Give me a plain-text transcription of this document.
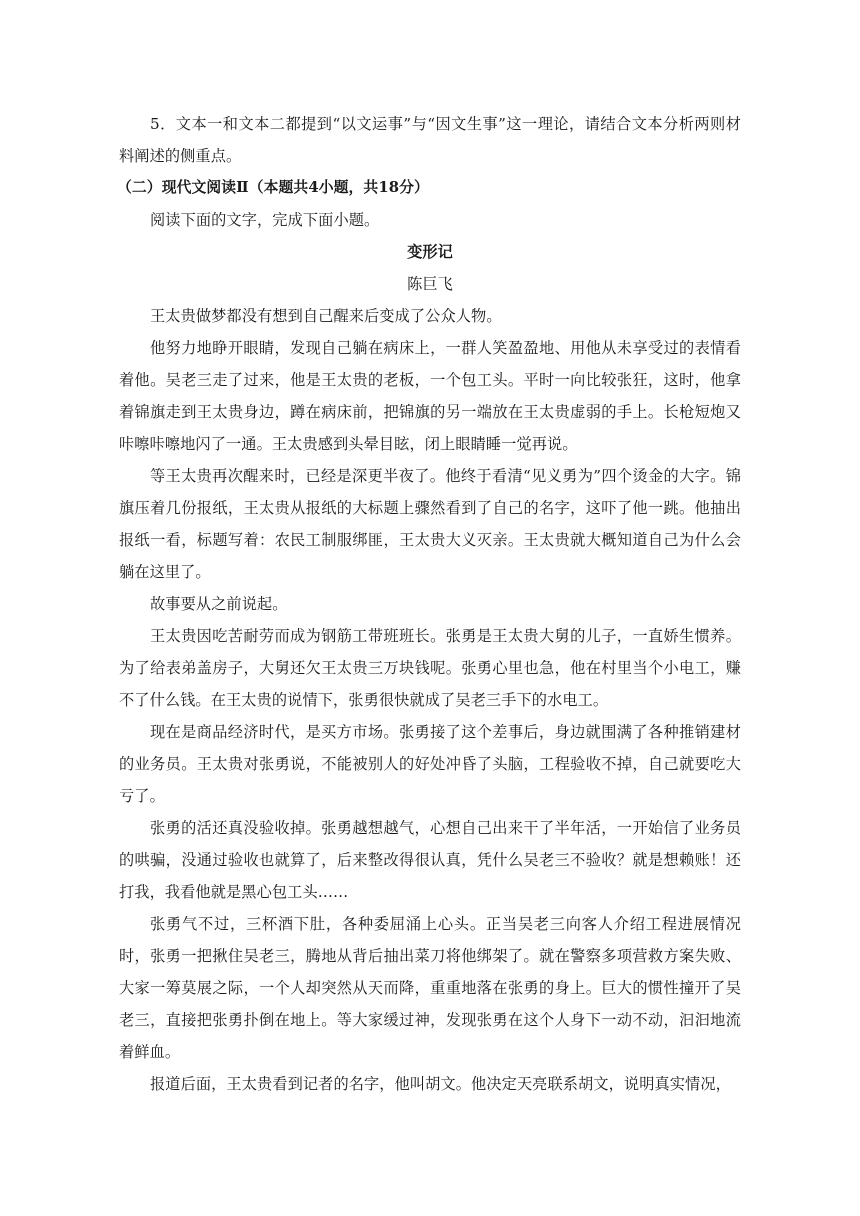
5．文本一和文本二都提到“以文运事”与“因文生事”这一理论，请结合文本分析两则材料阐述的侧重点。

（二）现代文阅读Ⅱ（本题共4小题，共18分）

阅读下面的文字，完成下面小题。

变形记

陈巨飞

王太贵做梦都没有想到自己醒来后变成了公众人物。

他努力地睁开眼睛，发现自己躺在病床上，一群人笑盈盈地、用他从未享受过的表情看着他。吴老三走了过来，他是王太贵的老板，一个包工头。平时一向比较张狂，这时，他拿着锦旗走到王太贵身边，蹲在病床前，把锦旗的另一端放在王太贵虚弱的手上。长枪短炮又咔嚓咔嚓地闪了一通。王太贵感到头晕目眩，闭上眼睛睡一觉再说。

等王太贵再次醒来时，已经是深更半夜了。他终于看清“见义勇为”四个烫金的大字。锦旗压着几份报纸，王太贵从报纸的大标题上骤然看到了自己的名字，这吓了他一跳。他抽出报纸一看，标题写着：农民工制服绑匪，王太贵大义灭亲。王太贵就大概知道自己为什么会躺在这里了。

故事要从之前说起。

王太贵因吃苦耐劳而成为钢筋工带班班长。张勇是王太贵大舅的儿子，一直娇生惯养。为了给表弟盖房子，大舅还欠王太贵三万块钱呢。张勇心里也急，他在村里当个小电工，赚不了什么钱。在王太贵的说情下，张勇很快就成了吴老三手下的水电工。

现在是商品经济时代，是买方市场。张勇接了这个差事后，身边就围满了各种推销建材的业务员。王太贵对张勇说，不能被别人的好处冲昏了头脑，工程验收不掉，自己就要吃大亏了。

张勇的活还真没验收掉。张勇越想越气，心想自己出来干了半年活，一开始信了业务员的哄骗，没通过验收也就算了，后来整改得很认真，凭什么吴老三不验收？就是想赖账！还打我，我看他就是黑心包工头……

张勇气不过，三杯酒下肚，各种委屈涌上心头。正当吴老三向客人介绍工程进展情况时，张勇一把揪住吴老三，腾地从背后抽出菜刀将他绑架了。就在警察多项营救方案失败、大家一筹莫展之际，一个人却突然从天而降，重重地落在张勇的身上。巨大的惯性撞开了吴老三，直接把张勇扑倒在地上。等大家缓过神，发现张勇在这个人身下一动不动，汩汩地流着鲜血。

报道后面，王太贵看到记者的名字，他叫胡文。他决定天亮联系胡文，说明真实情况，
